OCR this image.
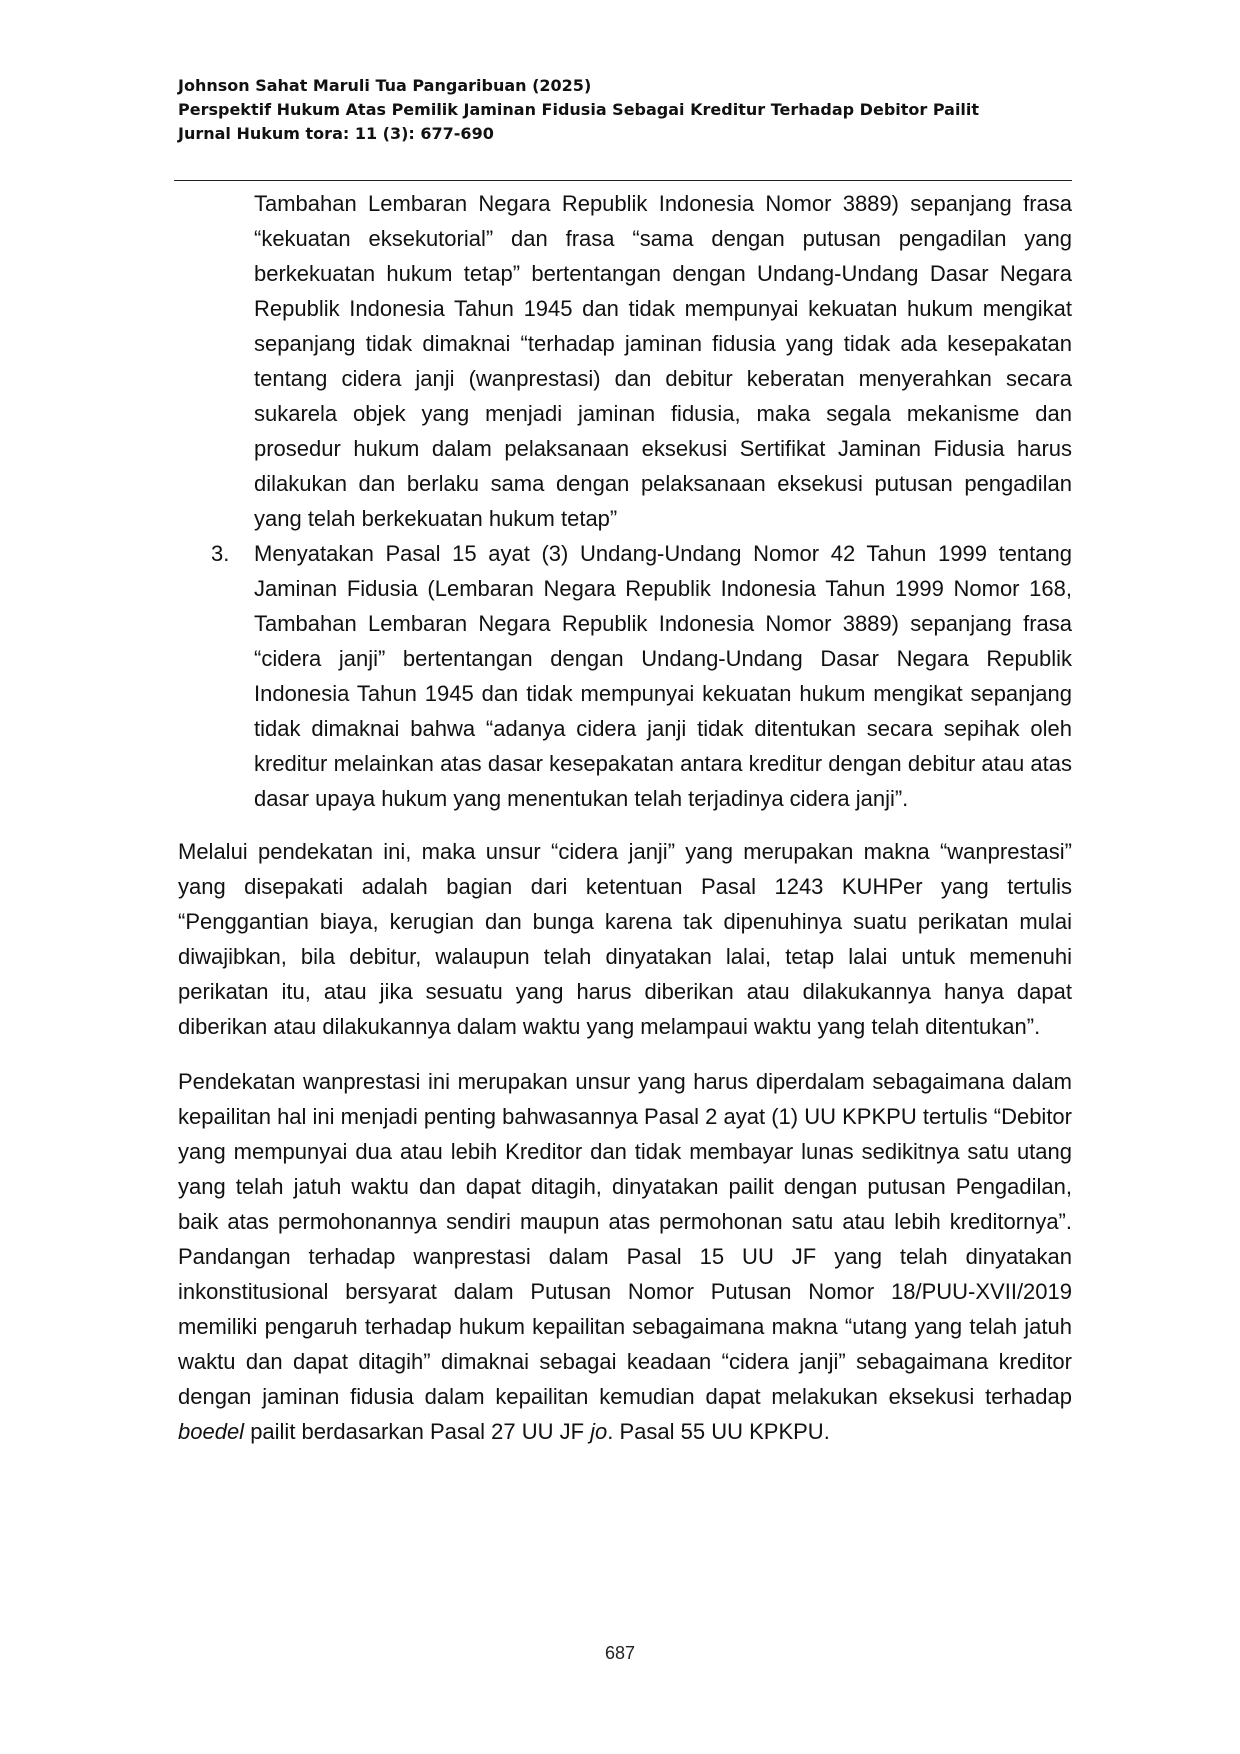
Johnson Sahat Maruli Tua Pangaribuan (2025)
Perspektif Hukum Atas Pemilik Jaminan Fidusia Sebagai Kreditur Terhadap Debitor Pailit
Jurnal Hukum tora: 11 (3): 677-690

Tambahan Lembaran Negara Republik Indonesia Nomor 3889) sepanjang frasa “kekuatan eksekutorial” dan frasa “sama dengan putusan pengadilan yang berkekuatan hukum tetap” bertentangan dengan Undang-Undang Dasar Negara Republik Indonesia Tahun 1945 dan tidak mempunyai kekuatan hukum mengikat sepanjang tidak dimaknai “terhadap jaminan fidusia yang tidak ada kesepakatan tentang cidera janji (wanprestasi) dan debitur keberatan menyerahkan secara sukarela objek yang menjadi jaminan fidusia, maka segala mekanisme dan prosedur hukum dalam pelaksanaan eksekusi Sertifikat Jaminan Fidusia harus dilakukan dan berlaku sama dengan pelaksanaan eksekusi putusan pengadilan yang telah berkekuatan hukum tetap”

3. Menyatakan Pasal 15 ayat (3) Undang-Undang Nomor 42 Tahun 1999 tentang Jaminan Fidusia (Lembaran Negara Republik Indonesia Tahun 1999 Nomor 168, Tambahan Lembaran Negara Republik Indonesia Nomor 3889) sepanjang frasa “cidera janji” bertentangan dengan Undang-Undang Dasar Negara Republik Indonesia Tahun 1945 dan tidak mempunyai kekuatan hukum mengikat sepanjang tidak dimaknai bahwa “adanya cidera janji tidak ditentukan secara sepihak oleh kreditur melainkan atas dasar kesepakatan antara kreditur dengan debitur atau atas dasar upaya hukum yang menentukan telah terjadinya cidera janji”.

Melalui pendekatan ini, maka unsur “cidera janji” yang merupakan makna “wanprestasi” yang disepakati adalah bagian dari ketentuan Pasal 1243 KUHPer yang tertulis “Penggantian biaya, kerugian dan bunga karena tak dipenuhinya suatu perikatan mulai diwajibkan, bila debitur, walaupun telah dinyatakan lalai, tetap lalai untuk memenuhi perikatan itu, atau jika sesuatu yang harus diberikan atau dilakukannya hanya dapat diberikan atau dilakukannya dalam waktu yang melampaui waktu yang telah ditentukan”.

Pendekatan wanprestasi ini merupakan unsur yang harus diperdalam sebagaimana dalam kepailitan hal ini menjadi penting bahwasannya Pasal 2 ayat (1) UU KPKPU tertulis “Debitor yang mempunyai dua atau lebih Kreditor dan tidak membayar lunas sedikitnya satu utang yang telah jatuh waktu dan dapat ditagih, dinyatakan pailit dengan putusan Pengadilan, baik atas permohonannya sendiri maupun atas permohonan satu atau lebih kreditornya”. Pandangan terhadap wanprestasi dalam Pasal 15 UU JF yang telah dinyatakan inkonstitusional bersyarat dalam Putusan Nomor Putusan Nomor 18/PUU-XVII/2019 memiliki pengaruh terhadap hukum kepailitan sebagaimana makna “utang yang telah jatuh waktu dan dapat ditagih” dimaknai sebagai keadaan “cidera janji” sebagaimana kreditor dengan jaminan fidusia dalam kepailitan kemudian dapat melakukan eksekusi terhadap boedel pailit berdasarkan Pasal 27 UU JF jo. Pasal 55 UU KPKPU.

687
